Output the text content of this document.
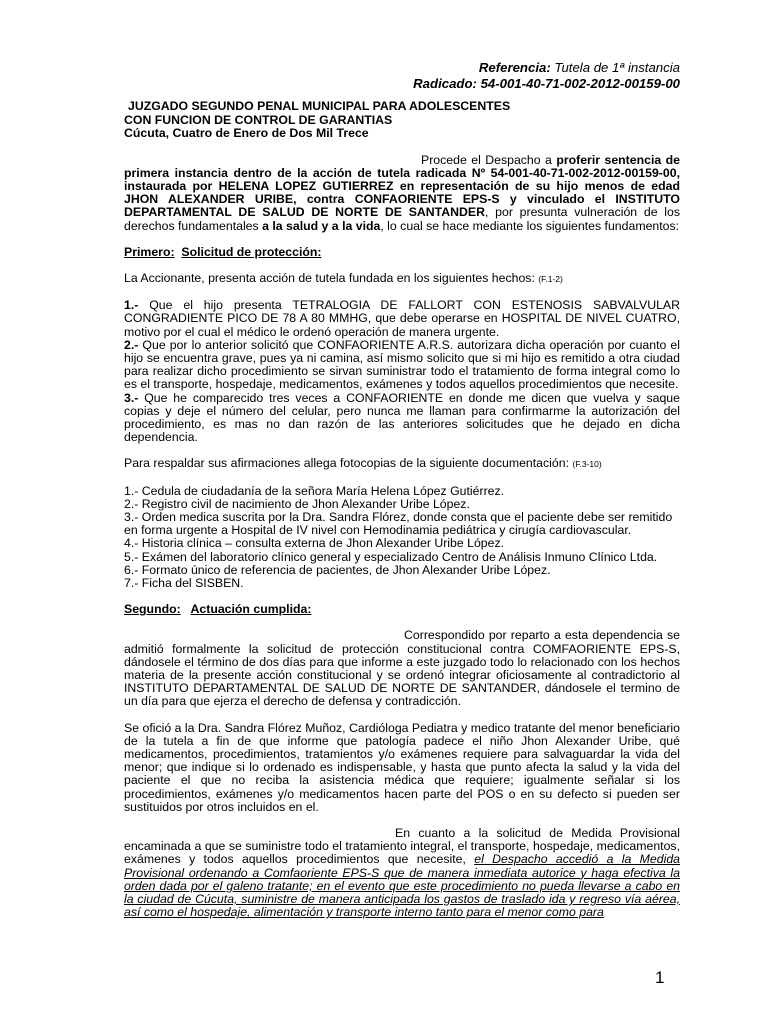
Referencia: Tutela de 1ª instancia
Radicado: 54-001-40-71-002-2012-00159-00
JUZGADO SEGUNDO PENAL MUNICIPAL PARA ADOLESCENTES
CON FUNCION DE CONTROL DE GARANTIAS
Cúcuta, Cuatro de Enero de Dos Mil Trece

Procede el Despacho a proferir sentencia de primera instancia dentro de la acción de tutela radicada Nº 54-001-40-71-002-2012-00159-00, instaurada por HELENA LOPEZ GUTIERREZ en representación de su hijo menos de edad JHON ALEXANDER URIBE, contra CONFAORIENTE EPS-S y vinculado el INSTITUTO DEPARTAMENTAL DE SALUD DE NORTE DE SANTANDER, por presunta vulneración de los derechos fundamentales a la salud y a la vida, lo cual se hace mediante los siguientes fundamentos:

Primero: Solicitud de protección:

La Accionante, presenta acción de tutela fundada en los siguientes hechos: (F.1-2)

1.- Que el hijo presenta TETRALOGIA DE FALLORT CON ESTENOSIS SABVALVULAR CONGRADIENTE PICO DE 78 A 80 MMHG, que debe operarse en HOSPITAL DE NIVEL CUATRO, motivo por el cual el médico le ordenó operación de manera urgente.

2.- Que por lo anterior solicitó que CONFAORIENTE A.R.S. autorizara dicha operación por cuanto el hijo se encuentra grave, pues ya ni camina, así mismo solicito que si mi hijo es remitido a otra ciudad para realizar dicho procedimiento se sirvan suministrar todo el tratamiento de forma integral como lo es el transporte, hospedaje, medicamentos, exámenes y todos aquellos procedimientos que necesite.

3.- Que he comparecido tres veces a CONFAORIENTE en donde me dicen que vuelva y saque copias y deje el número del celular, pero nunca me llaman para confirmarme la autorización del procedimiento, es mas no dan razón de las anteriores solicitudes que he dejado en dicha dependencia.

Para respaldar sus afirmaciones allega fotocopias de la siguiente documentación: (F.3-10)

1.- Cedula de ciudadanía de la señora María Helena López Gutiérrez.

2.- Registro civil de nacimiento de Jhon Alexander Uribe López.

3.- Orden medica suscrita por la Dra. Sandra Flórez, donde consta que el paciente debe ser remitido en forma urgente a Hospital de IV nivel con Hemodinamia pediátrica y cirugía cardiovascular.

4.- Historia clínica – consulta externa de Jhon Alexander Uribe López.

5.- Exámen del laboratorio clínico general y especializado Centro de Análisis Inmuno Clínico Ltda.

6.- Formato único de referencia de pacientes, de Jhon Alexander Uribe López.

7.- Ficha del SISBEN.

Segundo: Actuación cumplida:

Correspondido por reparto a esta dependencia se admitió formalmente la solicitud de protección constitucional contra COMFAORIENTE EPS-S, dándosele el término de dos días para que informe a este juzgado todo lo relacionado con los hechos materia de la presente acción constitucional y se ordenó integrar oficiosamente al contradictorio al INSTITUTO DEPARTAMENTAL DE SALUD DE NORTE DE SANTANDER, dándosele el termino de un día para que ejerza el derecho de defensa y contradicción.

Se ofició a la Dra. Sandra Flórez Muñoz, Cardióloga Pediatra y medico tratante del menor beneficiario de la tutela a fin de que informe que patología padece el niño Jhon Alexander Uribe, qué medicamentos, procedimientos, tratamientos y/o exámenes requiere para salvaguardar la vida del menor; que indique si lo ordenado es indispensable, y hasta que punto afecta la salud y la vida del paciente el que no reciba la asistencia médica que requiere; igualmente señalar si los procedimientos, exámenes y/o medicamentos hacen parte del POS o en su defecto si pueden ser sustituidos por otros incluidos en el.

En cuanto a la solicitud de Medida Provisional encaminada a que se suministre todo el tratamiento integral, el transporte, hospedaje, medicamentos, exámenes y todos aquellos procedimientos que necesite, el Despacho accedió a la Medida Provisional ordenando a Comfaoriente EPS-S que de manera inmediata autorice y haga efectiva la orden dada por el galeno tratante; en el evento que este procedimiento no pueda llevarse a cabo en la ciudad de Cúcuta, suministre de manera anticipada los gastos de traslado ida y regreso vía aérea, así como el hospedaje, alimentación y transporte interno tanto para el menor como para

1
